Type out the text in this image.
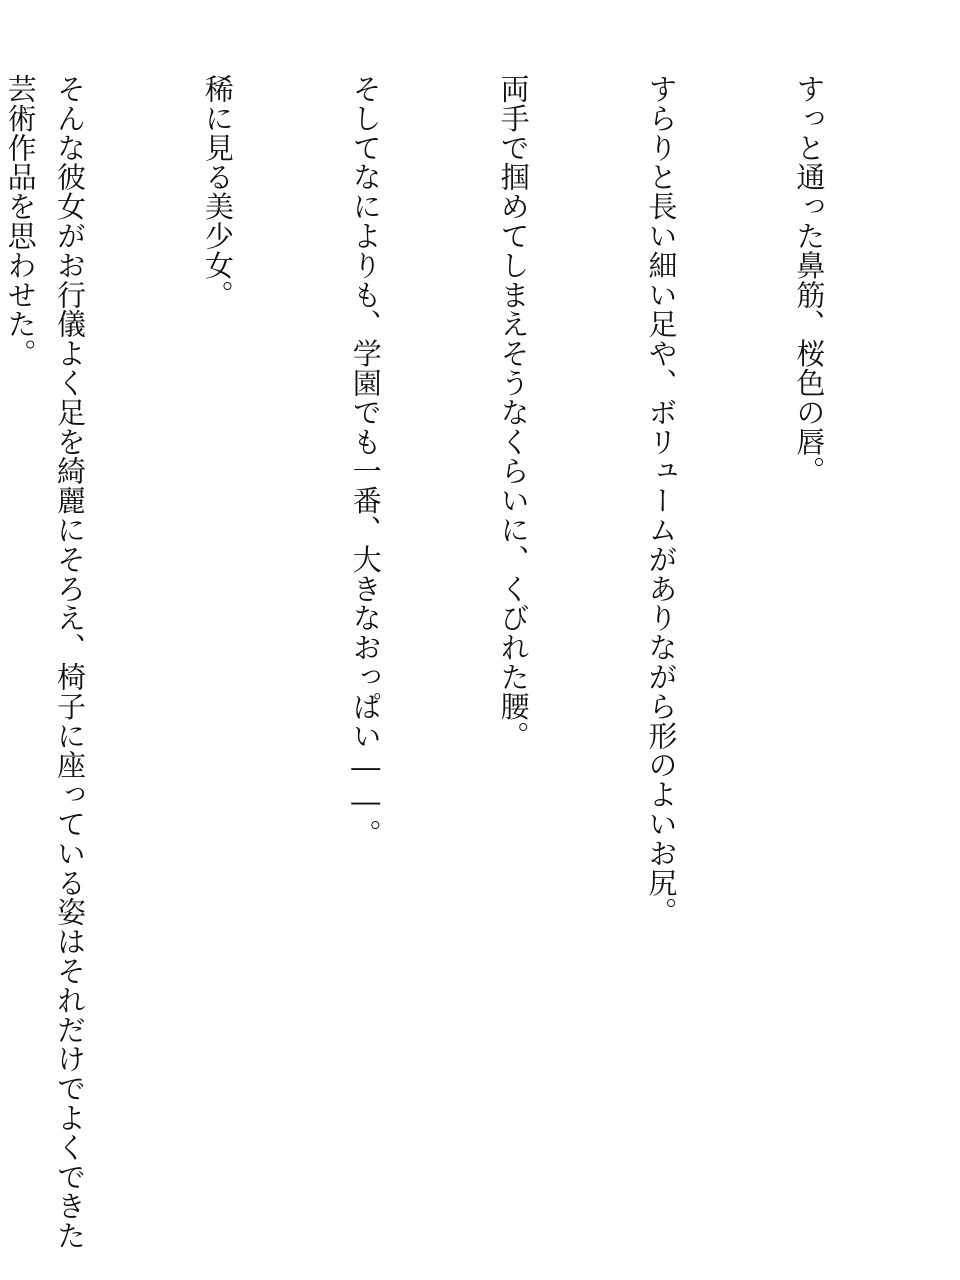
すっと通った鼻筋、桜色の唇。

すらりと長い細い足や、ボリュームがありながら形のよいお尻。

両手で掴めてしまえそうなくらいに、くびれた腰。

そしてなによりも、学園でも一番、大きなおっぱい――。

稀に見る美少女。

そんな彼女がお行儀よく足を綺麗にそろえ、椅子に座っている姿はそれだけでよくできた芸術作品を思わせた。
